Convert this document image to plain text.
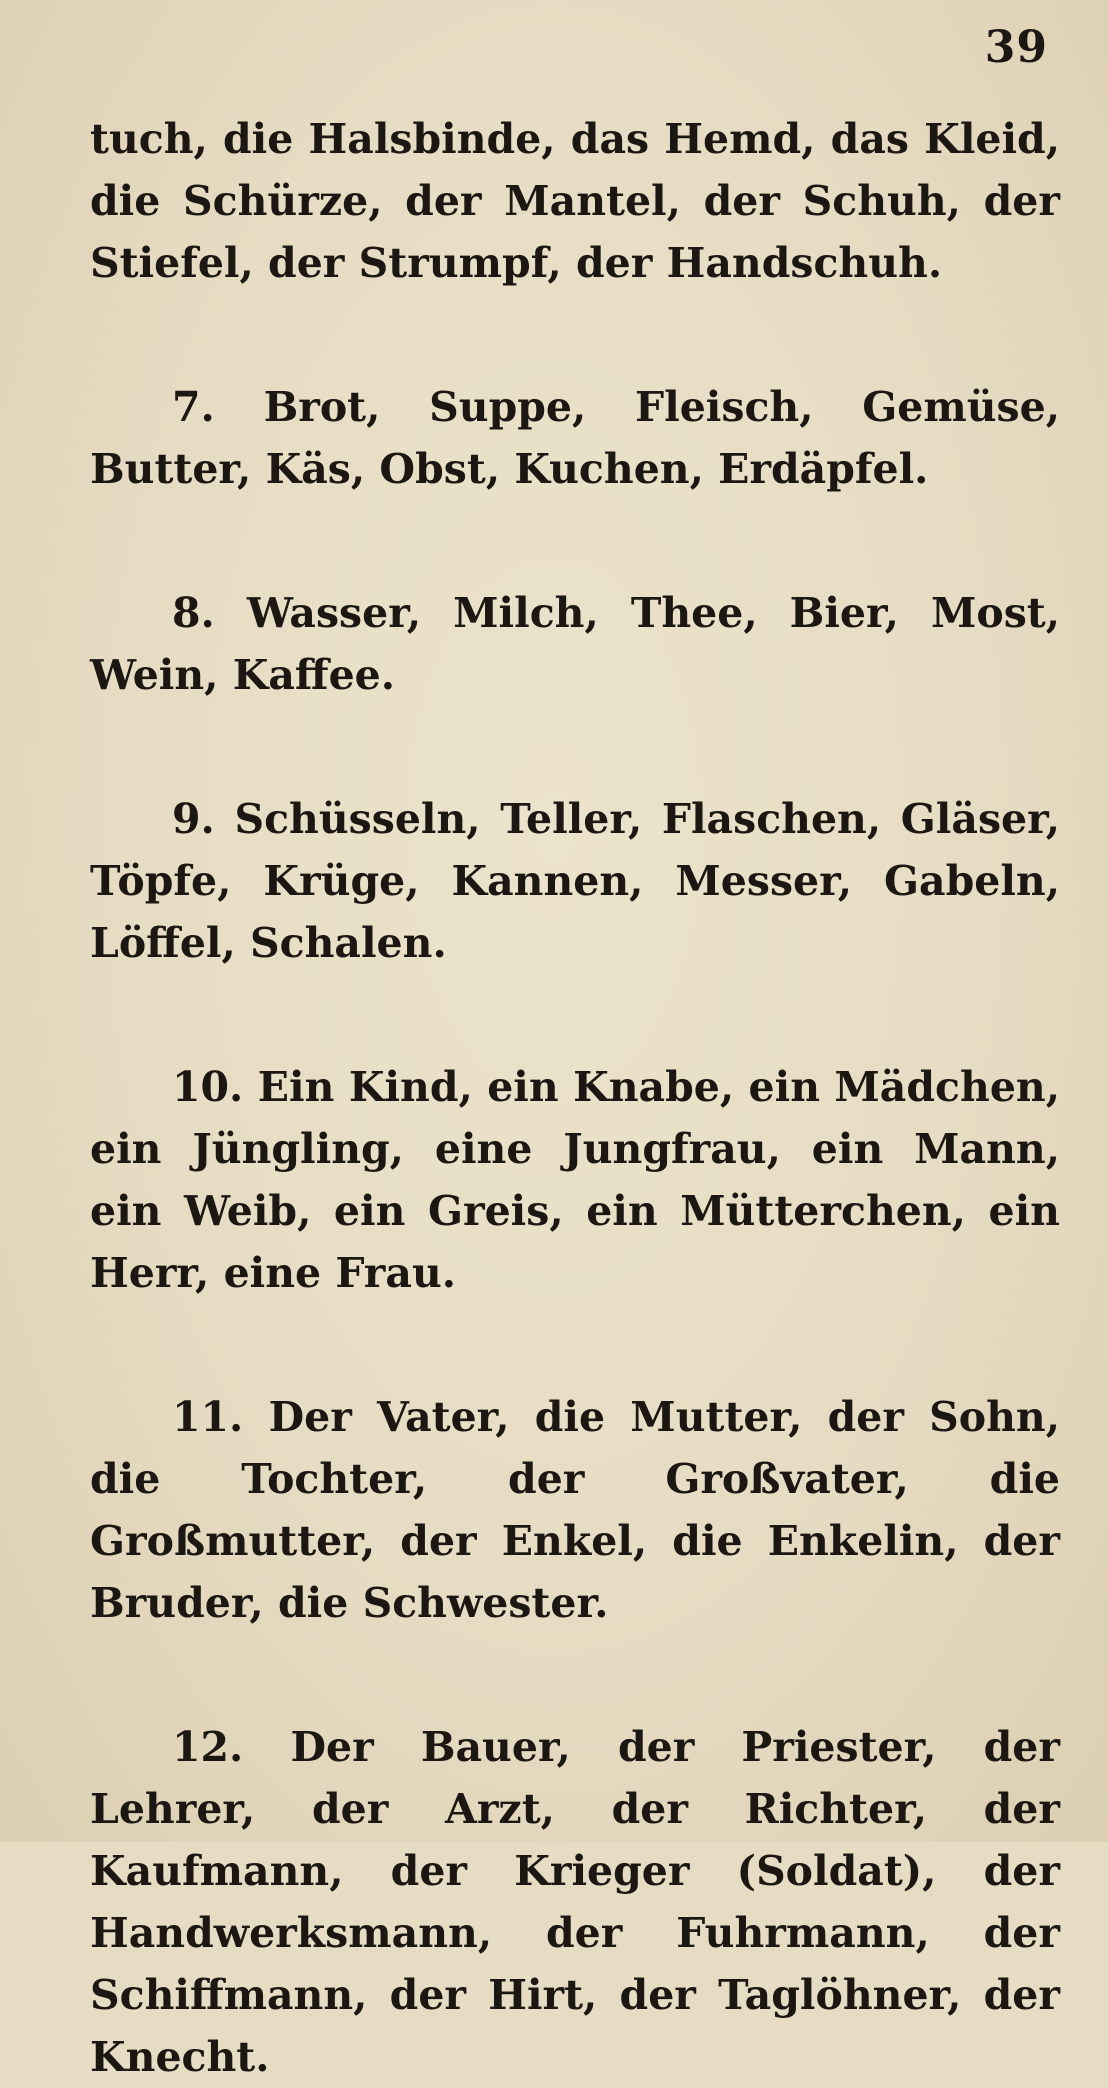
39

tuch, die Halsbinde, das Hemd, das Kleid, die Schürze, der Mantel, der Schuh, der Stiefel, der Strumpf, der Handschuh.

7. Brot, Suppe, Fleisch, Gemüse, Butter, Käs, Obst, Kuchen, Erdäpfel.

8. Wasser, Milch, Thee, Bier, Most, Wein, Kaffee.

9. Schüsseln, Teller, Flaschen, Gläser, Töpfe, Krüge, Kannen, Messer, Gabeln, Löffel, Schalen.

10. Ein Kind, ein Knabe, ein Mädchen, ein Jüngling, eine Jungfrau, ein Mann, ein Weib, ein Greis, ein Mütterchen, ein Herr, eine Frau.

11. Der Vater, die Mutter, der Sohn, die Tochter, der Großvater, die Großmutter, der Enkel, die Enkelin, der Bruder, die Schwester.

12. Der Bauer, der Priester, der Lehrer, der Arzt, der Richter, der Kaufmann, der Krieger (Soldat), der Handwerksmann, der Fuhrmann, der Schiffmann, der Hirt, der Taglöhner, der Knecht.
